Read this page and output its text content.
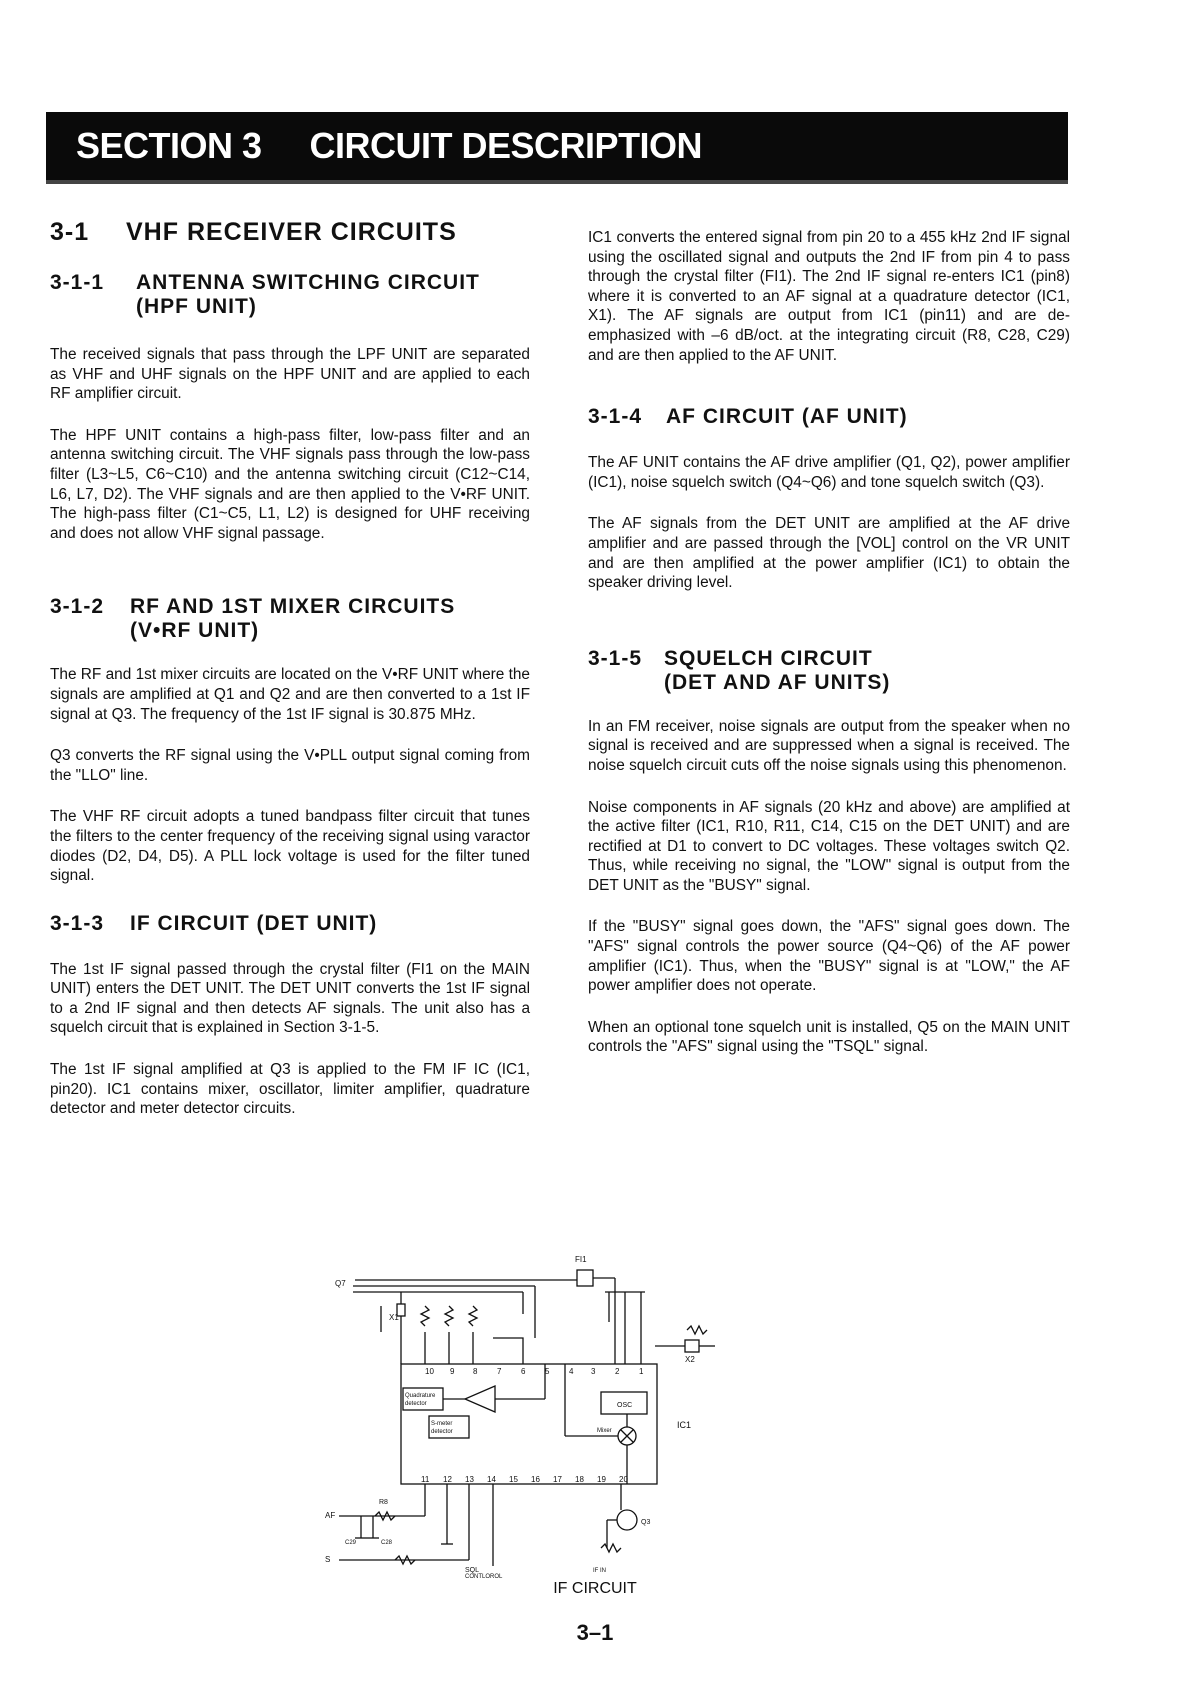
SECTION 3 CIRCUIT DESCRIPTION
3-1	VHF RECEIVER CIRCUITS
3-1-1	ANTENNA SWITCHING CIRCUIT
(HPF UNIT)

The received signals that pass through the LPF UNIT are separated as VHF and UHF signals on the HPF UNIT and are applied to each RF amplifier circuit.

The HPF UNIT contains a high-pass filter, low-pass filter and an antenna switching circuit. The VHF signals pass through the low-pass filter (L3~L5, C6~C10) and the antenna switching circuit (C12~C14, L6, L7, D2). The VHF signals and are then applied to the V•RF UNIT. The high-pass filter (C1~C5, L1, L2) is designed for UHF receiving and does not allow VHF signal passage.

3-1-2	RF AND 1ST MIXER CIRCUITS
(V•RF UNIT)

The RF and 1st mixer circuits are located on the V•RF UNIT where the signals are amplified at Q1 and Q2 and are then converted to a 1st IF signal at Q3. The frequency of the 1st IF signal is 30.875 MHz.

Q3 converts the RF signal using the V•PLL output signal coming from the "LLO" line.

The VHF RF circuit adopts a tuned bandpass filter circuit that tunes the filters to the center frequency of the receiving signal using varactor diodes (D2, D4, D5). A PLL lock voltage is used for the filter tuned signal.

3-1-3	IF CIRCUIT (DET UNIT)

The 1st IF signal passed through the crystal filter (FI1 on the MAIN UNIT) enters the DET UNIT. The DET UNIT converts the 1st IF signal to a 2nd IF signal and then detects AF signals. The unit also has a squelch circuit that is explained in Section 3-1-5.

The 1st IF signal amplified at Q3 is applied to the FM IF IC (IC1, pin20). IC1 contains mixer, oscillator, limiter amplifier, quadrature detector and meter detector circuits.

IC1 converts the entered signal from pin 20 to a 455 kHz 2nd IF signal using the oscillated signal and outputs the 2nd IF from pin 4 to pass through the crystal filter (FI1). The 2nd IF signal re-enters IC1 (pin8) where it is converted to an AF signal at a quadrature detector (IC1, X1). The AF signals are output from IC1 (pin11) and are de-emphasized with –6 dB/oct. at the integrating circuit (R8, C28, C29) and are then applied to the AF UNIT.

3-1-4	AF CIRCUIT (AF UNIT)

The AF UNIT contains the AF drive amplifier (Q1, Q2), power amplifier (IC1), noise squelch switch (Q4~Q6) and tone squelch switch (Q3).

The AF signals from the DET UNIT are amplified at the AF drive amplifier and are passed through the [VOL] control on the VR UNIT and are then amplified at the power amplifier (IC1) to obtain the speaker driving level.

3-1-5	SQUELCH CIRCUIT
(DET AND AF UNITS)

In an FM receiver, noise signals are output from the speaker when no signal is received and are suppressed when a signal is received. The noise squelch circuit cuts off the noise signals using this phenomenon.

Noise components in AF signals (20 kHz and above) are amplified at the active filter (IC1, R10, R11, C14, C15 on the DET UNIT) and are rectified at D1 to convert to DC voltages. These voltages switch Q2. Thus, while receiving no signal, the "LOW" signal is output from the DET UNIT as the "BUSY" signal.

If the "BUSY" signal goes down, the "AFS" signal goes down. The "AFS" signal controls the power source (Q4~Q6) of the AF power amplifier (IC1). Thus, when the "BUSY" signal is at "LOW," the AF power amplifier does not operate.

When an optional tone squelch unit is installed, Q5 on the MAIN UNIT controls the "AFS" signal using the "TSQL" signal.

FI1
Q7
X1
X2
IC1
10 9 8 7 6 5 4 3 2 1
11 12 13 14 15 16 17 18 19 20
Quadrature
detector
S-meter
detector
OSC
Mixer
AF
R8
C29	C28
S
SQL
CONTLOROL
Q3
IF IN
IF CIRCUIT
3–1
